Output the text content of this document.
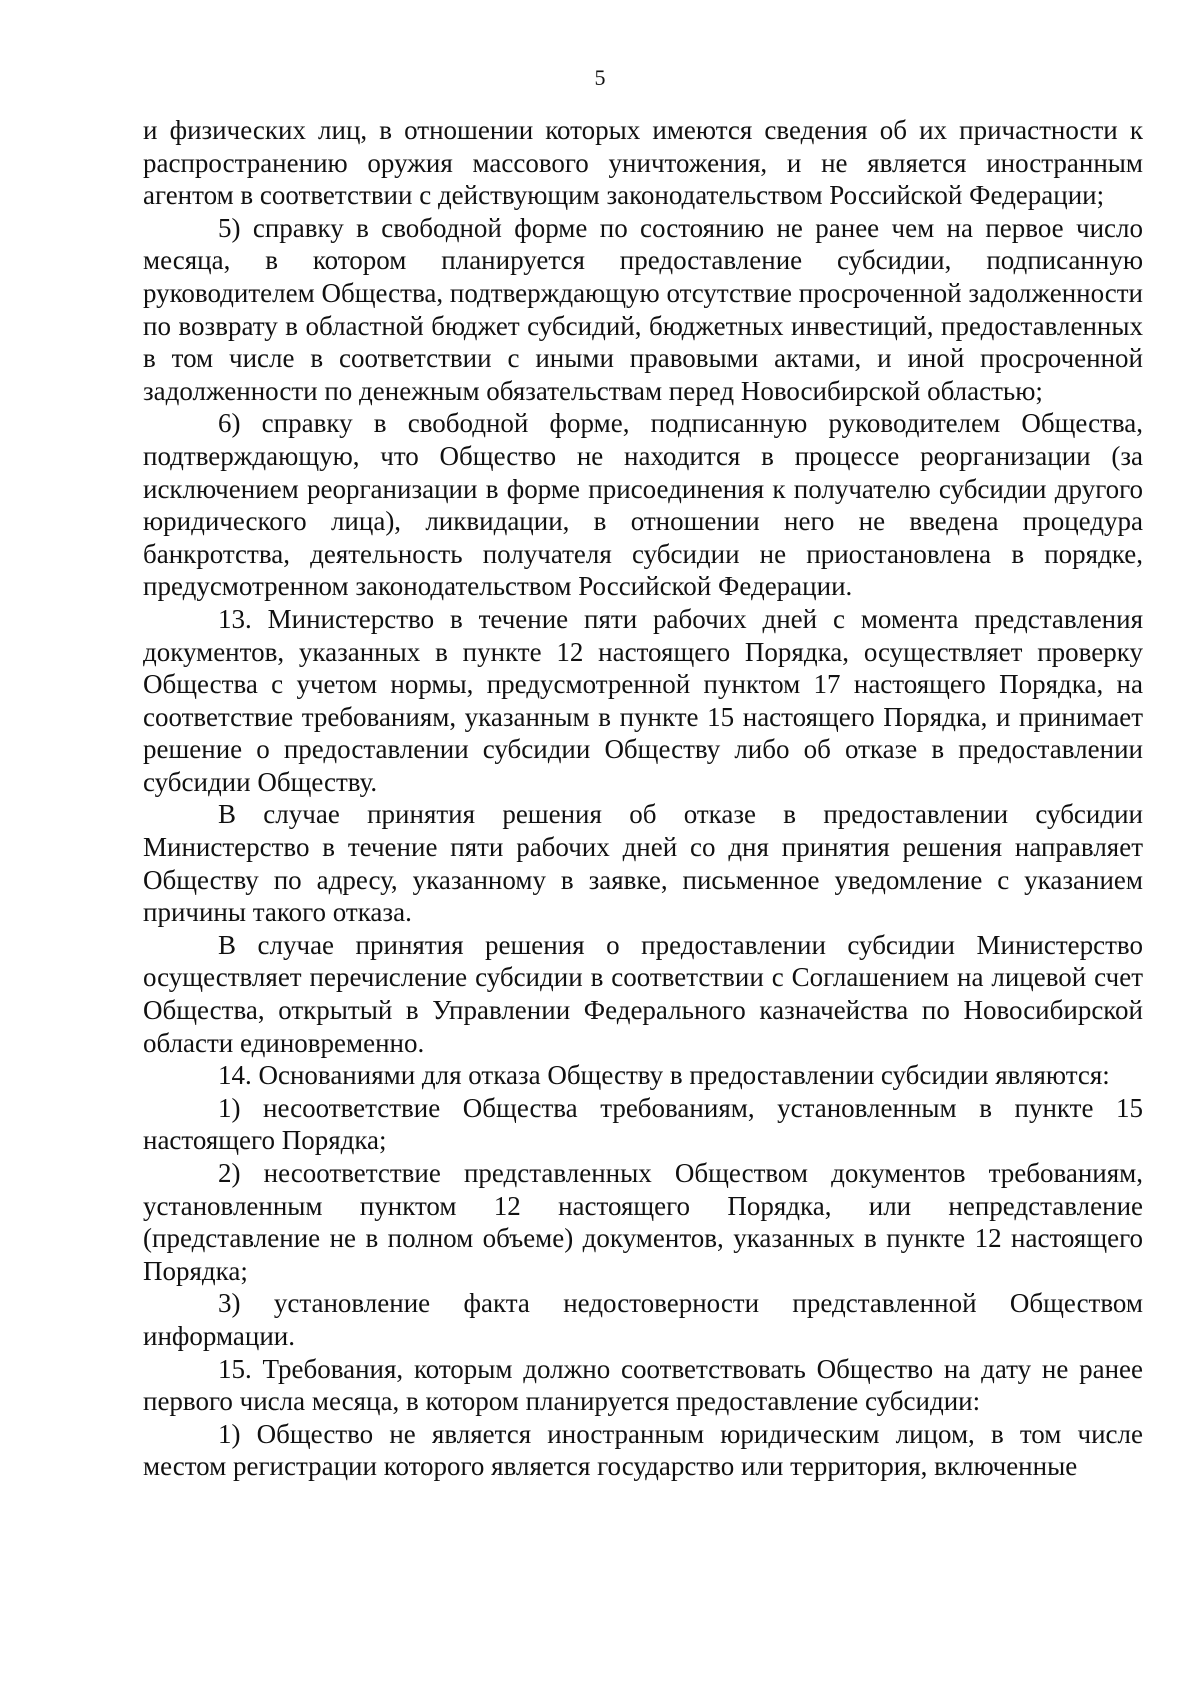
5

и физических лиц, в отношении которых имеются сведения об их причастности к распространению оружия массового уничтожения, и не является иностранным агентом в соответствии с действующим законодательством Российской Федерации;

5) справку в свободной форме по состоянию не ранее чем на первое число месяца, в котором планируется предоставление субсидии, подписанную руководителем Общества, подтверждающую отсутствие просроченной задолженности по возврату в областной бюджет субсидий, бюджетных инвестиций, предоставленных в том числе в соответствии с иными правовыми актами, и иной просроченной задолженности по денежным обязательствам перед Новосибирской областью;

6) справку в свободной форме, подписанную руководителем Общества, подтверждающую, что Общество не находится в процессе реорганизации (за исключением реорганизации в форме присоединения к получателю субсидии другого юридического лица), ликвидации, в отношении него не введена процедура банкротства, деятельность получателя субсидии не приостановлена в порядке, предусмотренном законодательством Российской Федерации.

13. Министерство в течение пяти рабочих дней с момента представления документов, указанных в пункте 12 настоящего Порядка, осуществляет проверку Общества с учетом нормы, предусмотренной пунктом 17 настоящего Порядка, на соответствие требованиям, указанным в пункте 15 настоящего Порядка, и принимает решение о предоставлении субсидии Обществу либо об отказе в предоставлении субсидии Обществу.

В случае принятия решения об отказе в предоставлении субсидии Министерство в течение пяти рабочих дней со дня принятия решения направляет Обществу по адресу, указанному в заявке, письменное уведомление с указанием причины такого отказа.

В случае принятия решения о предоставлении субсидии Министерство осуществляет перечисление субсидии в соответствии с Соглашением на лицевой счет Общества, открытый в Управлении Федерального казначейства по Новосибирской области единовременно.

14. Основаниями для отказа Обществу в предоставлении субсидии являются:

1) несоответствие Общества требованиям, установленным в пункте 15 настоящего Порядка;

2) несоответствие представленных Обществом документов требованиям, установленным пунктом 12 настоящего Порядка, или непредставление (представление не в полном объеме) документов, указанных в пункте 12 настоящего Порядка;

3) установление факта недостоверности представленной Обществом информации.

15. Требования, которым должно соответствовать Общество на дату не ранее первого числа месяца, в котором планируется предоставление субсидии:

1) Общество не является иностранным юридическим лицом, в том числе местом регистрации которого является государство или территория, включенные
